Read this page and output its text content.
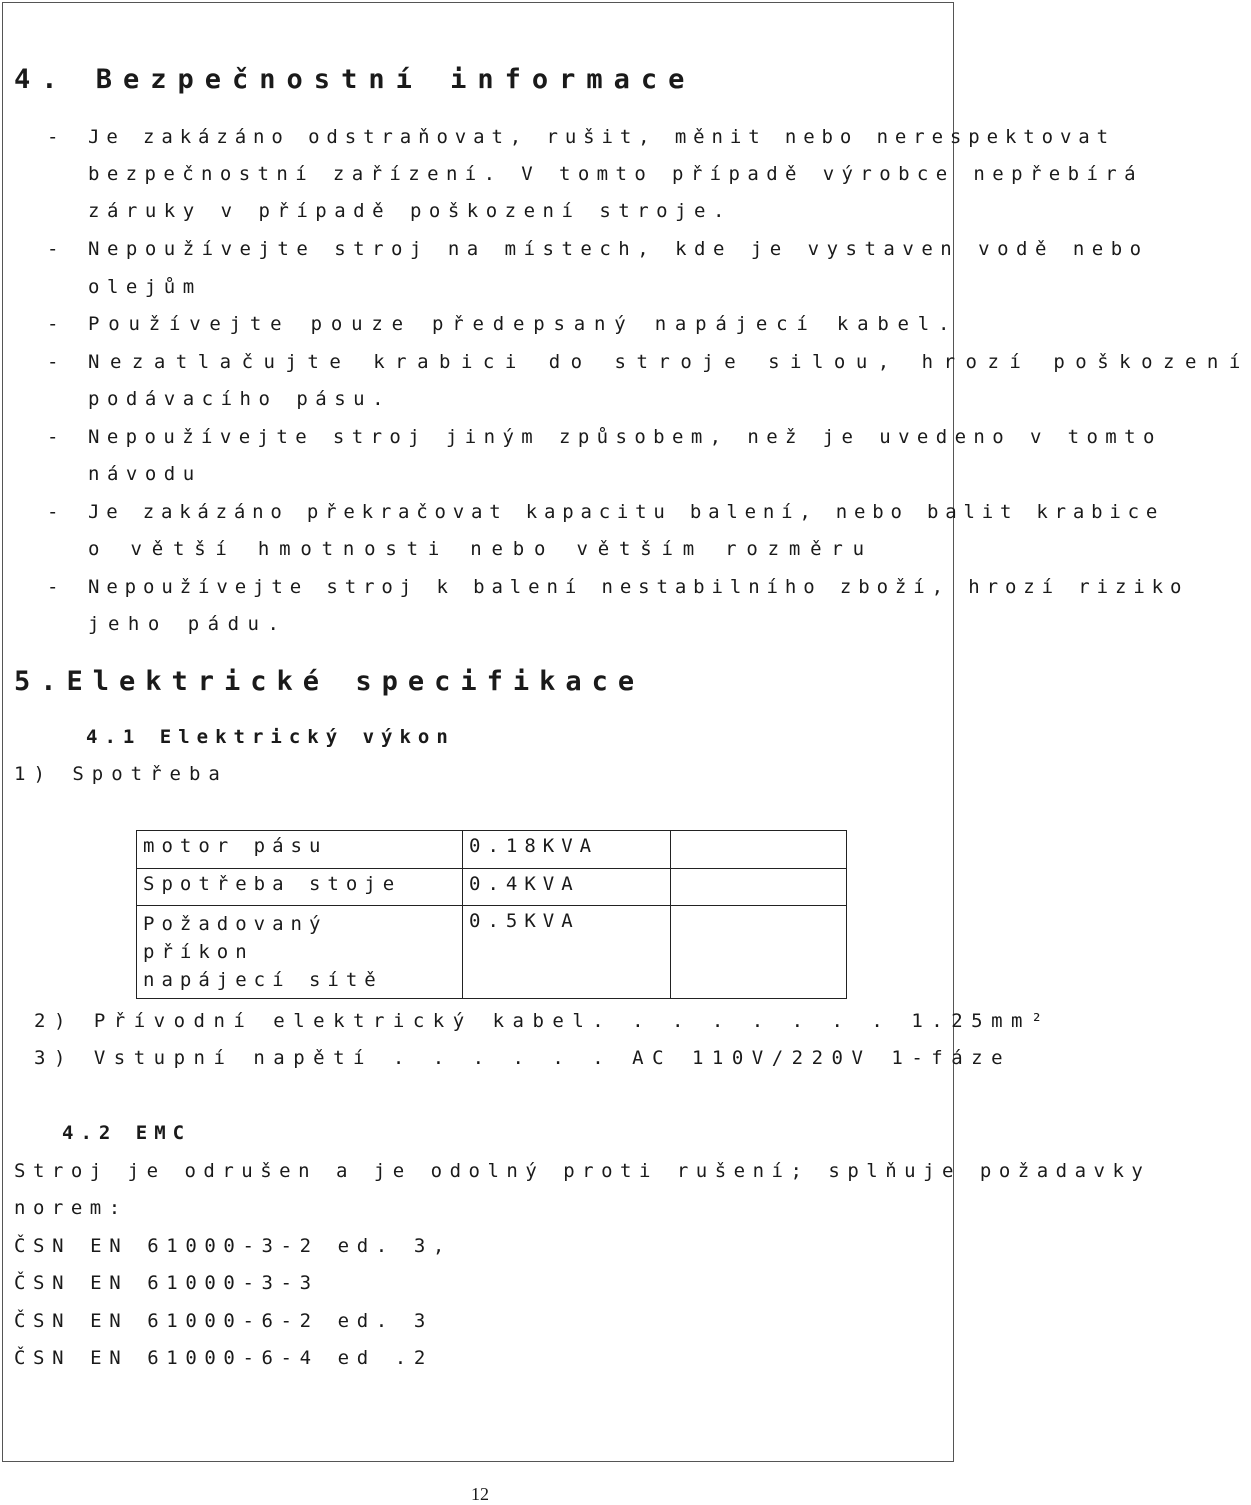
4. Bezpečnostní informace
- Je zakázáno odstraňovat, rušit, měnit nebo nerespektovat
bezpečnostní zařízení. V tomto případě výrobce nepřebírá
záruky v případě poškození stroje.
- Nepoužívejte stroj na místech, kde je vystaven vodě nebo
olejům
- Používejte pouze předepsaný napájecí kabel.
- Nezatlačujte krabici do stroje silou, hrozí poškození
podávacího pásu.
- Nepoužívejte stroj jiným způsobem, než je uvedeno v tomto
návodu
- Je zakázáno překračovat kapacitu balení, nebo balit krabice
o větší hmotnosti nebo větším rozměru
- Nepoužívejte stroj k balení nestabilního zboží, hrozí riziko
jeho pádu.
5.Elektrické specifikace
4.1 Elektrický výkon
1) Spotřeba
motor pásu	0.18KVA	
Spotřeba stoje	0.4KVA	
Požadovaný příkon
napájecí sítě	0.5KVA	
2) Přívodní elektrický kabel. . . . . . . . 1.25mm²
3) Vstupní napětí . . . . . . AC 110V/220V 1-fáze
4.2 EMC
Stroj je odrušen a je odolný proti rušení; splňuje požadavky
norem:
ČSN EN 61000-3-2 ed. 3,
ČSN EN 61000-3-3
ČSN EN 61000-6-2 ed. 3
ČSN EN 61000-6-4 ed .2
12
